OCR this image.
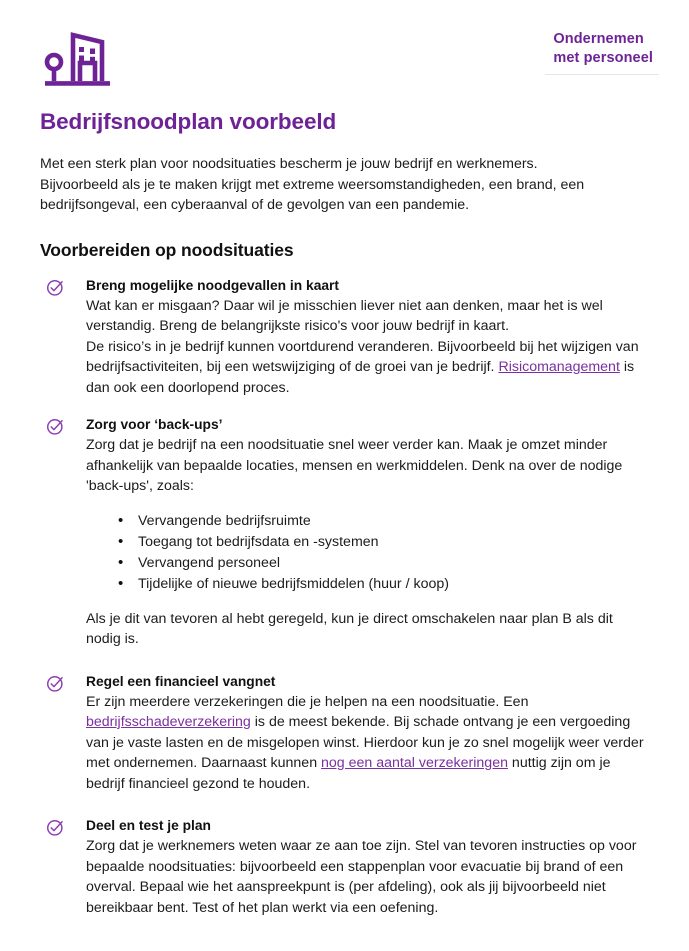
Ondernemen
met personeel
Bedrijfsnoodplan voorbeeld

Met een sterk plan voor noodsituaties bescherm je jouw bedrijf en werknemers.

Bijvoorbeeld als je te maken krijgt met extreme weersomstandigheden, een brand, een

bedrijfsongeval, een cyberaanval of de gevolgen van een pandemie.

Voorbereiden op noodsituaties

Breng mogelijke noodgevallen in kaart

Wat kan er misgaan? Daar wil je misschien liever niet aan denken, maar het is wel verstandig. Breng de belangrijkste risico's voor jouw bedrijf in kaart.

De risico’s in je bedrijf kunnen voortdurend veranderen. Bijvoorbeeld bij het wijzigen van bedrijfsactiviteiten, bij een wetswijziging of de groei van je bedrijf. Risicomanagement is dan ook een doorlopend proces.

Zorg voor ‘back-ups’

Zorg dat je bedrijf na een noodsituatie snel weer verder kan. Maak je omzet minder afhankelijk van bepaalde locaties, mensen en werkmiddelen. Denk na over de nodige 'back-ups', zoals:

• Vervangende bedrijfsruimte
• Toegang tot bedrijfsdata en -systemen
• Vervangend personeel
• Tijdelijke of nieuwe bedrijfsmiddelen (huur / koop)

Als je dit van tevoren al hebt geregeld, kun je direct omschakelen naar plan B als dit nodig is.

Regel een financieel vangnet

Er zijn meerdere verzekeringen die je helpen na een noodsituatie. Een bedrijfsschadeverzekering is de meest bekende. Bij schade ontvang je een vergoeding van je vaste lasten en de misgelopen winst. Hierdoor kun je zo snel mogelijk weer verder met ondernemen. Daarnaast kunnen nog een aantal verzekeringen nuttig zijn om je bedrijf financieel gezond te houden.

Deel en test je plan

Zorg dat je werknemers weten waar ze aan toe zijn. Stel van tevoren instructies op voor bepaalde noodsituaties: bijvoorbeeld een stappenplan voor evacuatie bij brand of een overval. Bepaal wie het aanspreekpunt is (per afdeling), ook als jij bijvoorbeeld niet bereikbaar bent. Test of het plan werkt via een oefening.
